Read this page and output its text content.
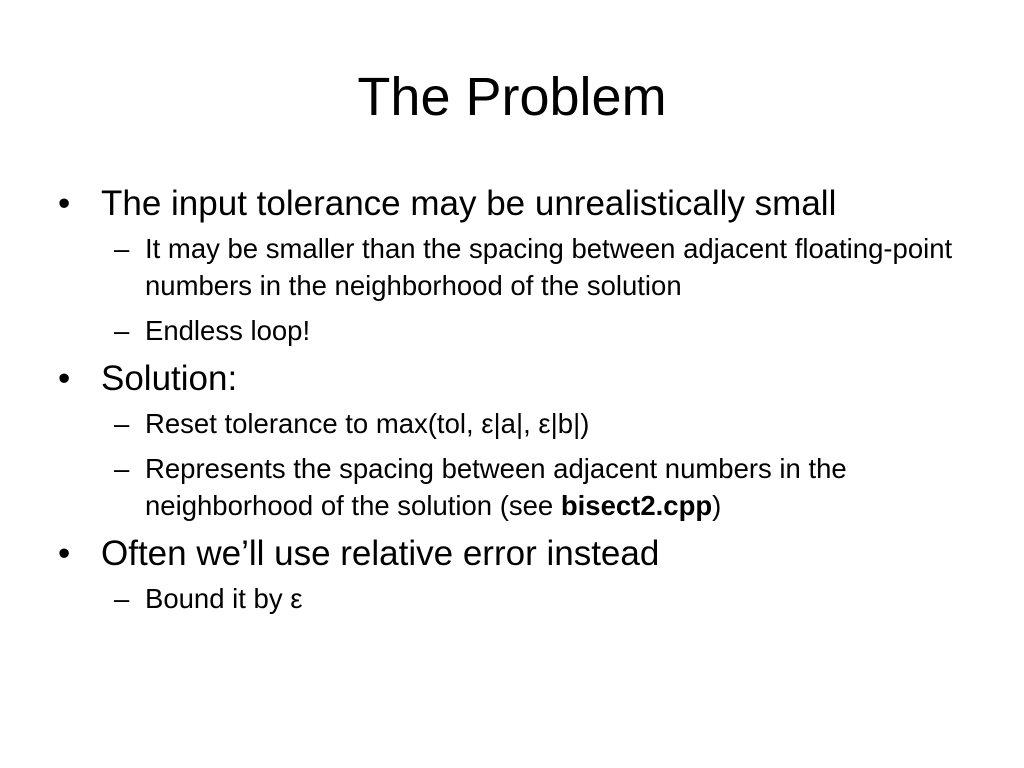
The Problem
• The input tolerance may be unrealistically small
– It may be smaller than the spacing between adjacent floating-point numbers in the neighborhood of the solution
– Endless loop!
• Solution:
– Reset tolerance to max(tol, ε|a|, ε|b|)
– Represents the spacing between adjacent numbers in the neighborhood of the solution (see bisect2.cpp)
• Often we’ll use relative error instead
– Bound it by ε
